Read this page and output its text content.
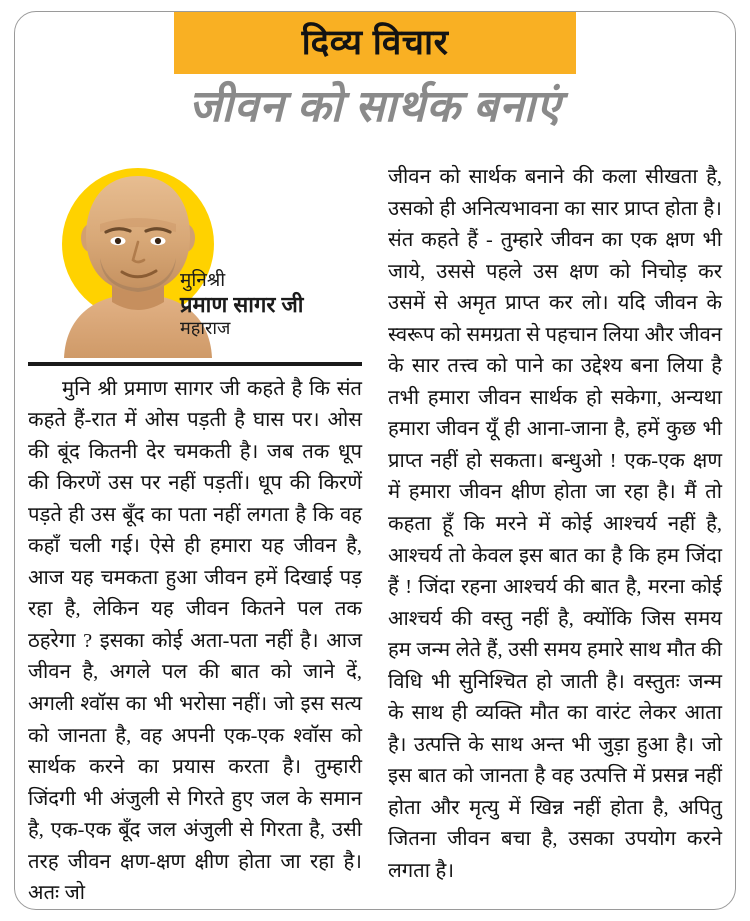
दिव्य विचार
जीवन को सार्थक बनाएं
मुनिश्री
प्रमाण सागर जी
महाराज

मुनि श्री प्रमाण सागर जी कहते है कि संत कहते हैं-रात में ओस पड़ती है घास पर। ओस की बूंद कितनी देर चमकती है। जब तक धूप की किरणें उस पर नहीं पड़तीं। धूप की किरणें पड़ते ही उस बूँद का पता नहीं लगता है कि वह कहाँ चली गई। ऐसे ही हमारा यह जीवन है, आज यह चमकता हुआ जीवन हमें दिखाई पड़ रहा है, लेकिन यह जीवन कितने पल तक ठहरेगा ? इसका कोई अता-पता नहीं है। आज जीवन है, अगले पल की बात को जाने दें, अगली श्वॉस का भी भरोसा नहीं। जो इस सत्य को जानता है, वह अपनी एक-एक श्वॉस को सार्थक करने का प्रयास करता है। तुम्हारी जिंदगी भी अंजुली से गिरते हुए जल के समान है, एक-एक बूँद जल अंजुली से गिरता है, उसी तरह जीवन क्षण-क्षण क्षीण होता जा रहा है। अतः जो

जीवन को सार्थक बनाने की कला सीखता है, उसको ही अनित्यभावना का सार प्राप्त होता है। संत कहते हैं - तुम्हारे जीवन का एक क्षण भी जाये, उससे पहले उस क्षण को निचोड़ कर उसमें से अमृत प्राप्त कर लो। यदि जीवन के स्वरूप को समग्रता से पहचान लिया और जीवन के सार तत्त्व को पाने का उद्देश्य बना लिया है तभी हमारा जीवन सार्थक हो सकेगा, अन्यथा हमारा जीवन यूँ ही आना-जाना है, हमें कुछ भी प्राप्त नहीं हो सकता। बन्धुओ ! एक-एक क्षण में हमारा जीवन क्षीण होता जा रहा है। मैं तो कहता हूँ कि मरने में कोई आश्चर्य नहीं है, आश्चर्य तो केवल इस बात का है कि हम जिंदा हैं ! जिंदा रहना आश्चर्य की बात है, मरना कोई आश्चर्य की वस्तु नहीं है, क्योंकि जिस समय हम जन्म लेते हैं, उसी समय हमारे साथ मौत की विधि भी सुनिश्चित हो जाती है। वस्तुतः जन्म के साथ ही व्यक्ति मौत का वारंट लेकर आता है। उत्पत्ति के साथ अन्त भी जुड़ा हुआ है। जो इस बात को जानता है वह उत्पत्ति में प्रसन्न नहीं होता और मृत्यु में खिन्न नहीं होता है, अपितु जितना जीवन बचा है, उसका उपयोग करने लगता है।
